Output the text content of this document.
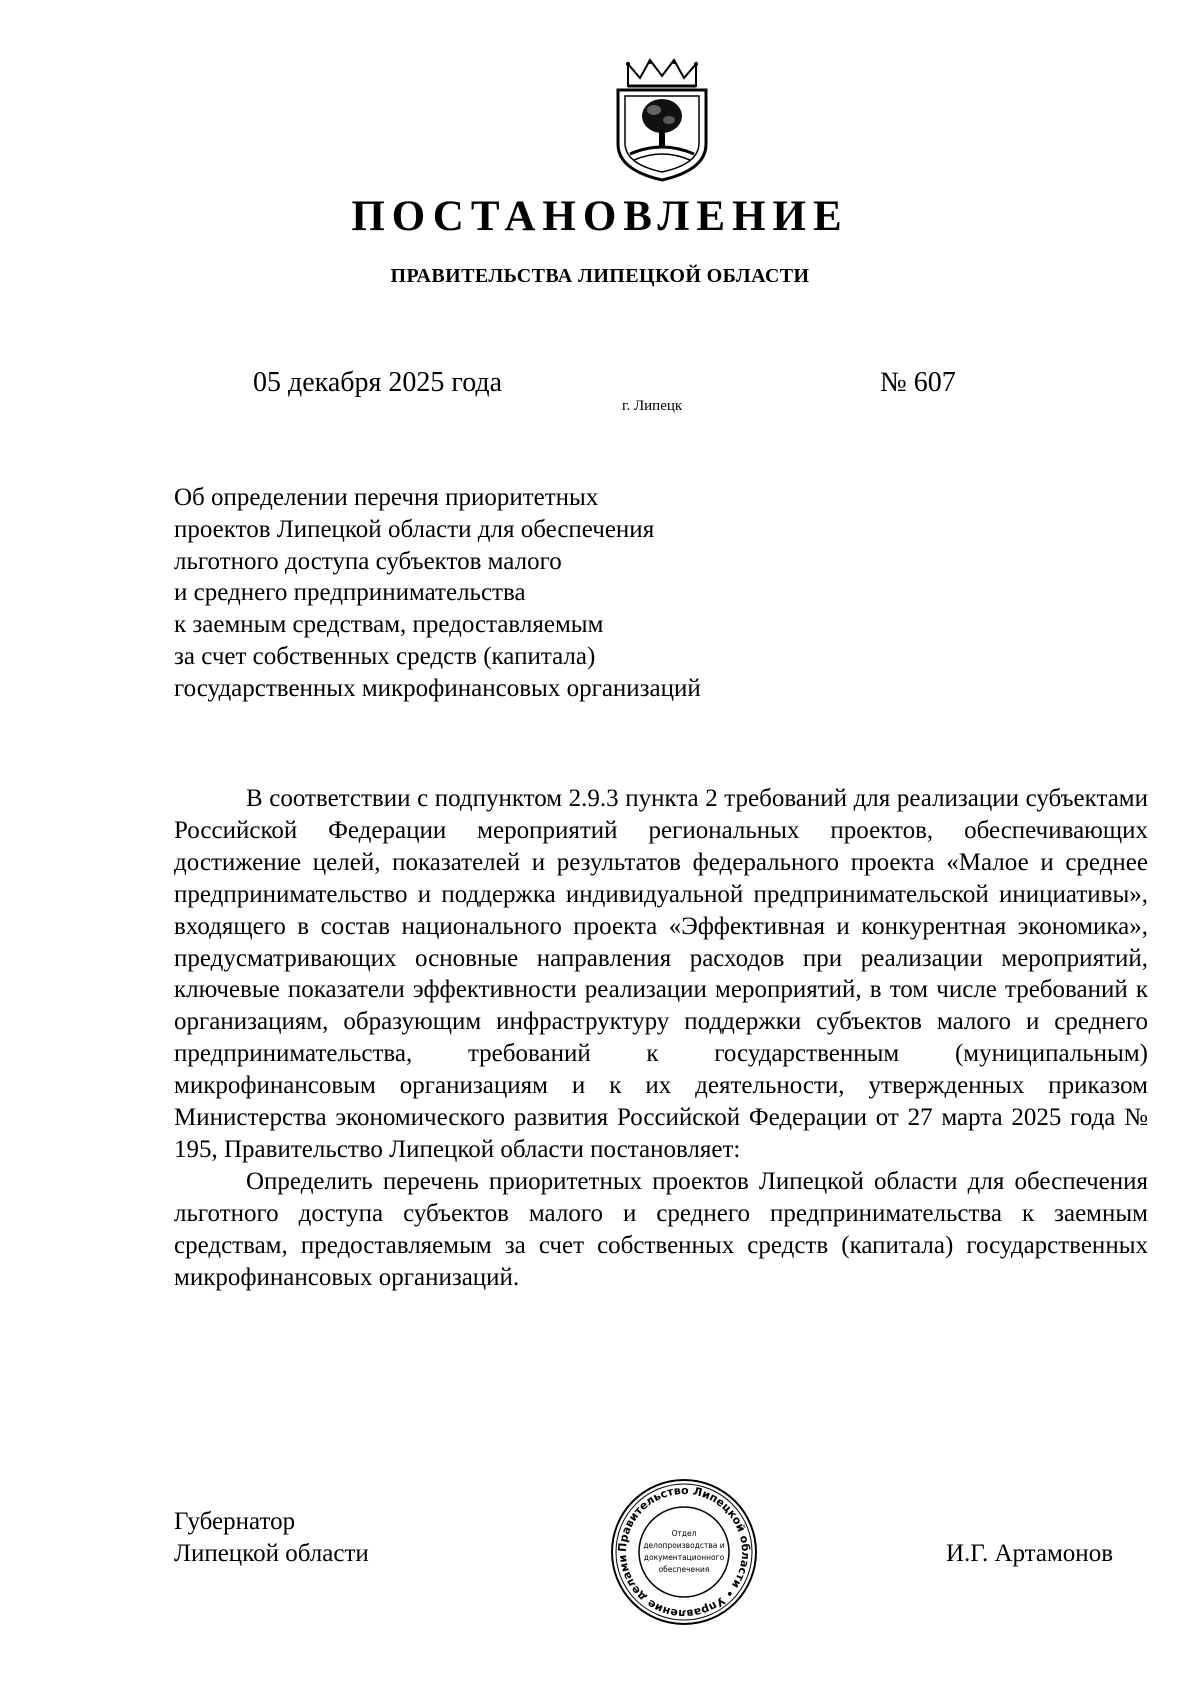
ПОСТАНОВЛЕНИЕ
ПРАВИТЕЛЬСТВА ЛИПЕЦКОЙ ОБЛАСТИ
05 декабря 2025 года
г. Липецк
№ 607
Об определении перечня приоритетных
проектов Липецкой области для обеспечения
льготного доступа субъектов малого
и среднего предпринимательства
к заемным средствам, предоставляемым
за счет собственных средств (капитала)
государственных микрофинансовых организаций

В соответствии с подпунктом 2.9.3 пункта 2 требований для реализации субъектами Российской Федерации мероприятий региональных проектов, обеспечивающих достижение целей, показателей и результатов федерального проекта «Малое и среднее предпринимательство и поддержка индивидуальной предпринимательской инициативы», входящего в состав национального проекта «Эффективная и конкурентная экономика», предусматривающих основные направления расходов при реализации мероприятий, ключевые показатели эффективности реализации мероприятий, в том числе требований к организациям, образующим инфраструктуру поддержки субъектов малого и среднего предпринимательства, требований к государственным (муниципальным) микрофинансовым организациям и к их деятельности, утвержденных приказом Министерства экономического развития Российской Федерации от 27 марта 2025 года № 195, Правительство Липецкой области постановляет:

Определить перечень приоритетных проектов Липецкой области для обеспечения льготного доступа субъектов малого и среднего предпринимательства к заемным средствам, предоставляемым за счет собственных средств (капитала) государственных микрофинансовых организаций.

Губернатор
Липецкой области	И.Г. Артамонов
Правительство Липецкой области • Управление делами
Отдел
делопроизводства и
документационного
обеспечения
